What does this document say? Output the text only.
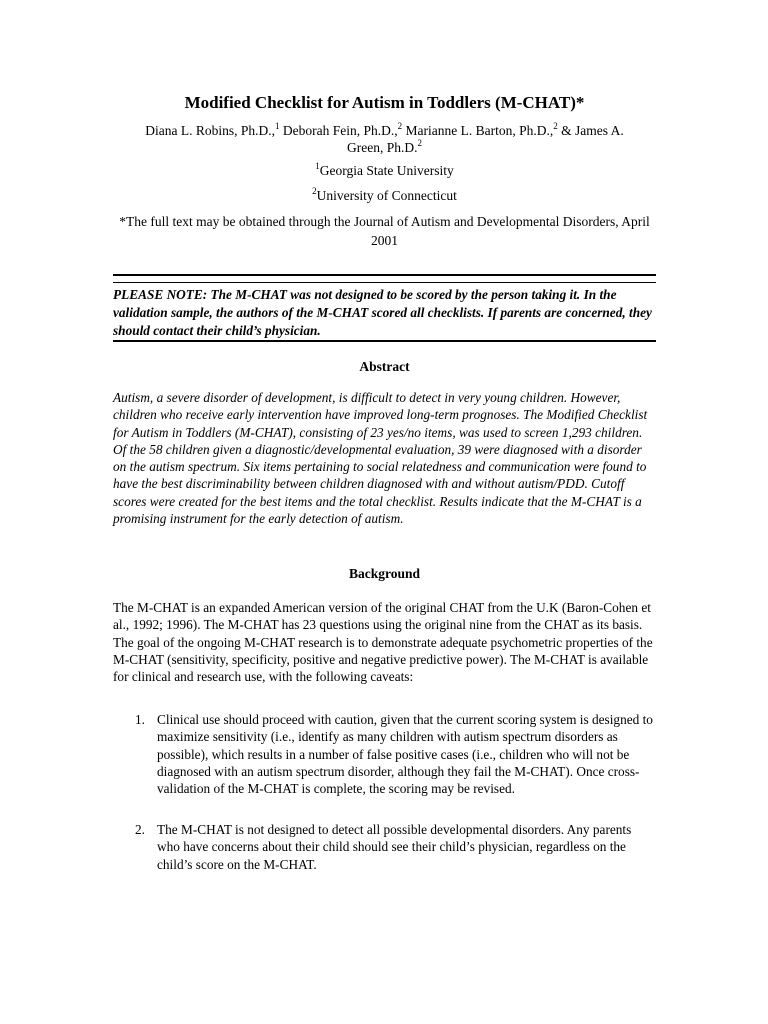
Modified Checklist for Autism in Toddlers (M-CHAT)*
Diana L. Robins, Ph.D.,$^1$ Deborah Fein, Ph.D.,$^2$ Marianne L. Barton, Ph.D.,$^2$ & James A.
Green, Ph.D.$^2$
$^1$Georgia State University
$^2$University of Connecticut
*The full text may be obtained through the Journal of Autism and Developmental Disorders, April 2001
PLEASE NOTE: The M-CHAT was not designed to be scored by the person taking it. In the validation sample, the authors of the M-CHAT scored all checklists. If parents are concerned, they should contact their child’s physician.
Abstract
Autism, a severe disorder of development, is difficult to detect in very young children. However, children who receive early intervention have improved long-term prognoses. The Modified Checklist for Autism in Toddlers (M-CHAT), consisting of 23 yes/no items, was used to screen 1,293 children. Of the 58 children given a diagnostic/developmental evaluation, 39 were diagnosed with a disorder on the autism spectrum. Six items pertaining to social relatedness and communication were found to have the best discriminability between children diagnosed with and without autism/PDD. Cutoff scores were created for the best items and the total checklist. Results indicate that the M-CHAT is a promising instrument for the early detection of autism.
Background
The M-CHAT is an expanded American version of the original CHAT from the U.K (Baron-Cohen et al., 1992; 1996). The M-CHAT has 23 questions using the original nine from the CHAT as its basis. The goal of the ongoing M-CHAT research is to demonstrate adequate psychometric properties of the M-CHAT (sensitivity, specificity, positive and negative predictive power). The M-CHAT is available for clinical and research use, with the following caveats:
1. Clinical use should proceed with caution, given that the current scoring system is designed to maximize sensitivity (i.e., identify as many children with autism spectrum disorders as possible), which results in a number of false positive cases (i.e., children who will not be diagnosed with an autism spectrum disorder, although they fail the M-CHAT). Once cross-validation of the M-CHAT is complete, the scoring may be revised.
2. The M-CHAT is not designed to detect all possible developmental disorders. Any parents who have concerns about their child should see their child’s physician, regardless on the child’s score on the M-CHAT.
